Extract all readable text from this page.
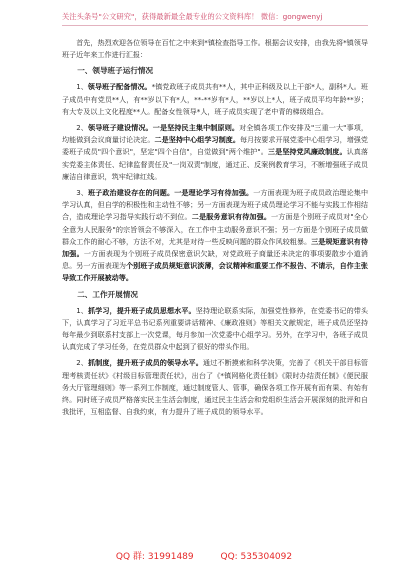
关注头条号"公文研究"，获得最新最全最专业的公文资料库！ 微信：gongwenyj

首先，热烈欢迎各位领导在百忙之中来到*镇检查指导工作。根据会议安排，由我先将*镇领导班子近年来工作进行汇报：

一、领导班子运行情况

1、领导班子配备情况。*镇党政班子成员共有**人，其中正科级及以上干部*人，副科*人。班子成员中有党员**人，有**岁以下有*人，**-**岁有*人，**岁以上*人，班子成员平均年龄**岁；有大专及以上文化程度**人。配备女性领导*人，班子成员实现了老中青的梯级组合。

2、领导班子建设情况。一是坚持民主集中制原则。对全镇各项工作安排及"三重一大"事项，均能做到会议商量讨论决定。二是坚持中心组学习制度。每月按要求开展党委中心组学习，增强党委班子成员"四个意识"，坚定"四个自信"，自觉做到"两个维护"。三是坚持党风廉政制度。认真落实党委主体责任、纪律监督责任及"一岗双责"制度，通过正、反案例教育学习，不断增强班子成员廉洁自律意识，筑牢纪律红线。

3、班子政治建设存在的问题。一是理论学习有待加强。一方面表现为班子成员政治理论集中学习认真，但自学的积极性和主动性不够；另一方面表现为班子成员理论学习不能与实践工作相结合，造成理论学习指导实践行动不到位。二是服务意识有待加强。一方面是个别班子成员对"全心全意为人民服务"的宗旨领会不够深入，在工作中主动服务意识不强；另一方面是个别班子成员做群众工作的耐心不够，方法不对，尤其是对待一些反映问题的群众作风较粗暴。三是规矩意识有待加强。一方面表现为个别班子成员保密意识欠缺，对党政班子商量还未决定的事项要散步小道消息。另一方面表现为个别班子成员规矩意识淡薄，会议精神和重要工作不报告、不请示，自作主张导致工作开展被动等。

二、工作开展情况

1、抓学习，提升班子成员思想水平。坚持理论联系实际，加强党性修养，在党委书记的带头下，认真学习了习近平总书记系列重要讲话精神、《廉政准则》等相关文献规定，班子成员还坚持每年最少到联系村支部上一次党课，每月参加一次党委中心组学习。另外，在学习中，各班子成员认真完成了学习任务，在党员群众中起到了很好的带头作用。

2、抓制度，提升班子成员的领导水平。通过不断摸索和科学决策，完善了《机关干部目标管理考核责任状》《村级目标管理责任状》，出台了《*镇网格化责任制》《限时办结责任制》《便民服务大厅管理细则》等一系列工作制度，通过制度管人、管事，确保各项工作开展有而有果、有始有终。同时班子成员严格落实民主生活会制度，通过民主生活会和党组织生活会开展深刻的批评和自我批评，互相监督、自我约束，有力提升了班子成员的领导水平。

QQ 群: 31991489	QQ: 535304092
